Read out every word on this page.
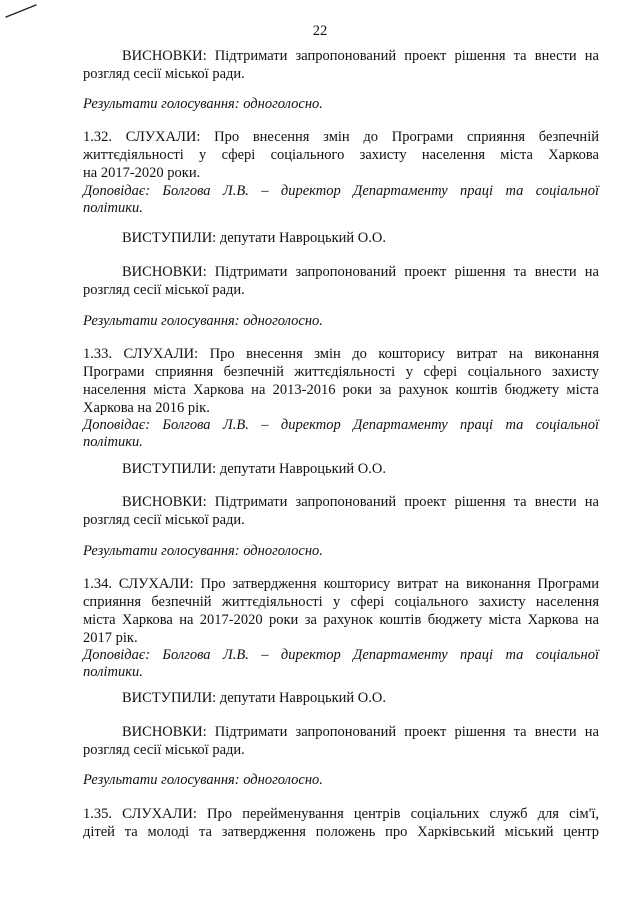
22
ВИСНОВКИ: Підтримати запропонований проект рішення та внести на
розгляд сесії міської ради.
Результати голосування: одноголосно.
1.32. СЛУХАЛИ: Про внесення змін до Програми сприяння безпечній
життєдіяльності у сфері соціального захисту населення міста Харкова
на 2017-2020 роки.
Доповідає: Болгова Л.В. – директор Департаменту праці та соціальної
політики.
ВИСТУПИЛИ: депутати Навроцький О.О.
ВИСНОВКИ: Підтримати запропонований проект рішення та внести на
розгляд сесії міської ради.
Результати голосування: одноголосно.
1.33. СЛУХАЛИ: Про внесення змін до кошторису витрат на виконання
Програми сприяння безпечній життєдіяльності у сфері соціального захисту
населення міста Харкова на 2013-2016 роки за рахунок коштів бюджету міста
Харкова на 2016 рік.
Доповідає: Болгова Л.В. – директор Департаменту праці та соціальної
політики.
ВИСТУПИЛИ: депутати Навроцький О.О.
ВИСНОВКИ: Підтримати запропонований проект рішення та внести на
розгляд сесії міської ради.
Результати голосування: одноголосно.
1.34. СЛУХАЛИ: Про затвердження кошторису витрат на виконання Програми
сприяння безпечній життєдіяльності у сфері соціального захисту населення
міста Харкова на 2017-2020 роки за рахунок коштів бюджету міста Харкова на
2017 рік.
Доповідає: Болгова Л.В. – директор Департаменту праці та соціальної
політики.
ВИСТУПИЛИ: депутати Навроцький О.О.
ВИСНОВКИ: Підтримати запропонований проект рішення та внести на
розгляд сесії міської ради.
Результати голосування: одноголосно.
1.35. СЛУХАЛИ: Про перейменування центрів соціальних служб для сім'ї,
дітей та молоді та затвердження положень про Харківський міський центр
